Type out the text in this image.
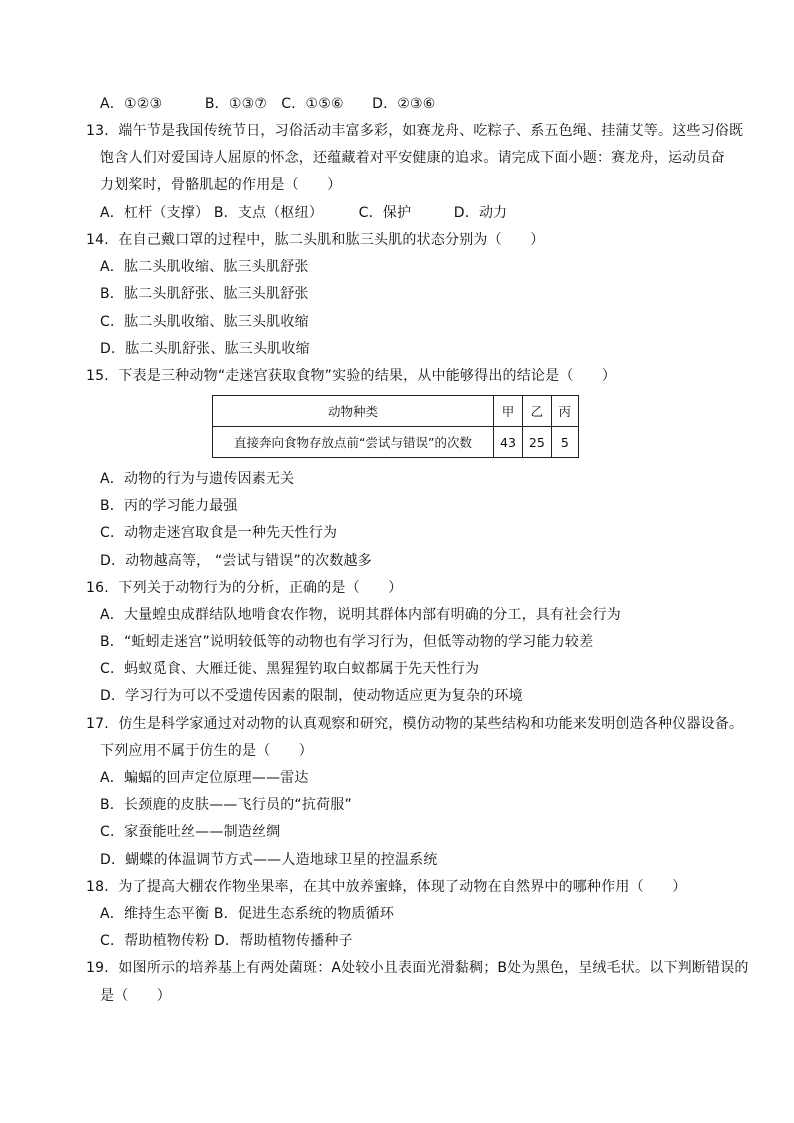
A．①②③　　　B．①③⑦　C．①⑤⑥　　D．②③⑥
13．端午节是我国传统节日，习俗活动丰富多彩，如赛龙舟、吃粽子、系五色绳、挂蒲艾等。这些习俗既
饱含人们对爱国诗人屈原的怀念，还蕴藏着对平安健康的追求。请完成下面小题：赛龙舟，运动员奋
力划桨时，骨骼肌起的作用是（　　）
A．杠杆（支撑） B．支点（枢纽）　　　C．保护　　　D．动力
14．在自己戴口罩的过程中，肱二头肌和肱三头肌的状态分别为（　　）
A．肱二头肌收缩、肱三头肌舒张
B．肱二头肌舒张、肱三头肌舒张
C．肱二头肌收缩、肱三头肌收缩
D．肱二头肌舒张、肱三头肌收缩
15．下表是三种动物“走迷宫获取食物”实验的结果，从中能够得出的结论是（　　）
动物种类	甲	乙	丙
直接奔向食物存放点前“尝试与错误”的次数	43	25	5
A．动物的行为与遗传因素无关
B．丙的学习能力最强
C．动物走迷宫取食是一种先天性行为
D．动物越高等， “尝试与错误”的次数越多
16．下列关于动物行为的分析，正确的是（　　）
A．大量蝗虫成群结队地啃食农作物，说明其群体内部有明确的分工，具有社会行为
B．“蚯蚓走迷宫”说明较低等的动物也有学习行为，但低等动物的学习能力较差
C．蚂蚁觅食、大雁迁徙、黑猩猩钓取白蚁都属于先天性行为
D．学习行为可以不受遗传因素的限制，使动物适应更为复杂的环境
17．仿生是科学家通过对动物的认真观察和研究，模仿动物的某些结构和功能来发明创造各种仪器设备。
下列应用不属于仿生的是（　　）
A．蝙蝠的回声定位原理——雷达
B．长颈鹿的皮肤——飞行员的“抗荷服”
C．家蚕能吐丝——制造丝绸
D．蝴蝶的体温调节方式——人造地球卫星的控温系统
18．为了提高大棚农作物坐果率，在其中放养蜜蜂，体现了动物在自然界中的哪种作用（　　）
A．维持生态平衡 B．促进生态系统的物质循环
C．帮助植物传粉 D．帮助植物传播种子
19．如图所示的培养基上有两处菌斑：A处较小且表面光滑黏稠；B处为黑色，呈绒毛状。以下判断错误的
是（　　）
